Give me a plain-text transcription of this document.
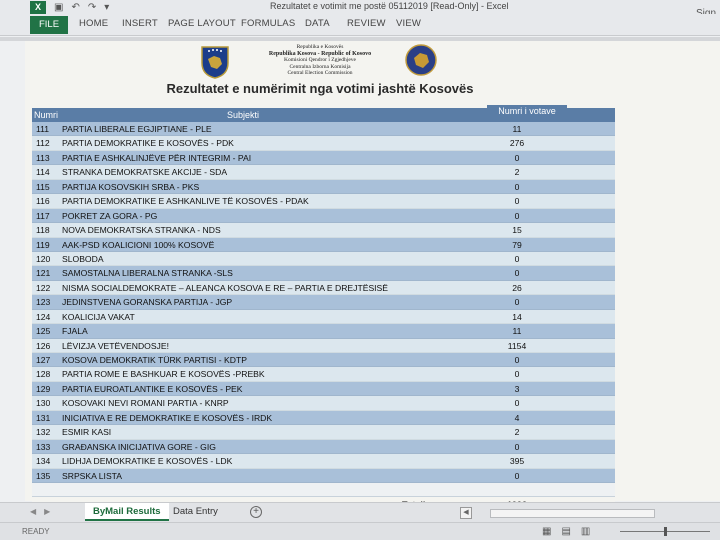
X	▣ ↶ ↷ ▾	Rezultatet e votimit me postë 05112019 [Read-Only] - Excel
FILE	HOME INSERT PAGE LAYOUT FORMULAS DATA REVIEW VIEW
Republika e Kosovës
Republika Kosova - Republic of Kosovo
Komisioni Qendror i Zgjedhjeve
Centralna Izborna Komisija
Central Election Commission
Rezultatet e numërimit nga votimi jashtë Kosovës
Numri	Subjekti	Numri i votave
111 PARTIA LIBERALE EGJIPTIANE - PLE	11
112 PARTIA DEMOKRATIKE E KOSOVËS - PDK	276
113 PARTIA E ASHKALINJËVE PËR INTEGRIM - PAI	0
114 STRANKA DEMOKRATSKE AKCIJE - SDA	2
115 PARTIJA KOSOVSKIH SRBA - PKS	0
116 PARTIA DEMOKRATIKE E ASHKANLIVE TË KOSOVËS - PDAK	0
117 POKRET ZA GORA - PG	0
118 NOVA DEMOKRATSKA STRANKA - NDS	15
119 AAK-PSD KOALICIONI 100% KOSOVË	79
120 SLOBODA	0
121 SAMOSTALNA LIBERALNA STRANKA -SLS	0
122 NISMA SOCIALDEMOKRATE – ALEANCA KOSOVA E RE – PARTIA E DREJTËSISË	26
123 JEDINSTVENA GORANSKA PARTIJA - JGP	0
124 KOALICIJA VAKAT	14
125 FJALA	11
126 LËVIZJA VETËVENDOSJE!	1154
127 KOSOVA DEMOKRATIK TÜRK PARTISI - KDTP	0
128 PARTIA ROME E BASHKUAR E KOSOVËS -PREBK	0
129 PARTIA EUROATLANTIKE E KOSOVËS - PEK	3
130 KOSOVAKI NEVI ROMANI PARTIA - KNRP	0
131 INICIATIVA E RE DEMOKRATIKE E KOSOVËS - IRDK	4
132 ESMIR KASI	2
133 GRAĐANSKA INICIJATIVA GORE - GIG	0
134 LIDHJA DEMOKRATIKE E KOSOVËS - LDK	395
135 SRPSKA LISTA	0
◀ ▶	ByMail Results	Data Entry	+	◀
READY	▦ ▤ ▥
